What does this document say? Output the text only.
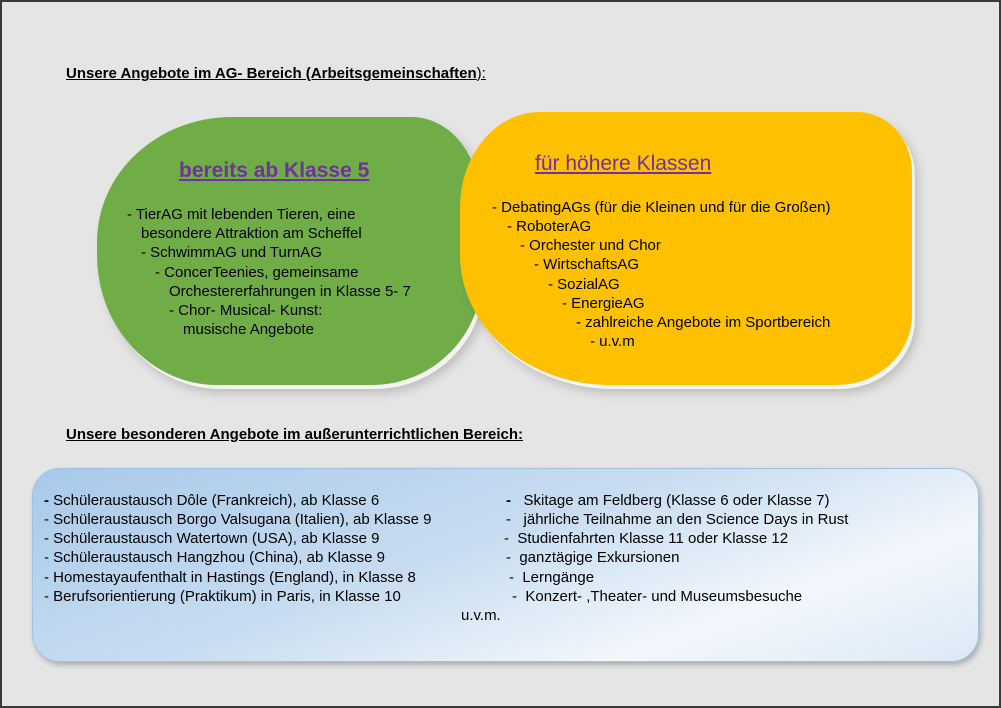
Unsere Angebote im AG- Bereich (Arbeitsgemeinschaften):
bereits ab Klasse 5
- TierAG mit lebenden Tieren, eine
besondere Attraktion am Scheffel
- SchwimmAG und TurnAG
- ConcerTeenies, gemeinsame
Orchestererfahrungen in Klasse 5- 7
- Chor- Musical- Kunst:
musische Angebote
für höhere Klassen
- DebatingAGs (für die Kleinen und für die Großen)
- RoboterAG
- Orchester und Chor
- WirtschaftsAG
- SozialAG
- EnergieAG
- zahlreiche Angebote im Sportbereich
- u.v.m
Unsere besonderen Angebote im außerunterrichtlichen Bereich:
- Schüleraustausch Dôle (Frankreich), ab Klasse 6
- Schüleraustausch Borgo Valsugana (Italien), ab Klasse 9
- Schüleraustausch Watertown (USA), ab Klasse 9
- Schüleraustausch Hangzhou (China), ab Klasse 9
- Homestayaufenthalt in Hastings (England), in Klasse 8
- Berufsorientierung (Praktikum) in Paris, in Klasse 10
- Skitage am Feldberg (Klasse 6 oder Klasse 7)
- jährliche Teilnahme an den Science Days in Rust
- Studienfahrten Klasse 11 oder Klasse 12
- ganztägige Exkursionen
- Lerngänge
- Konzert- ,Theater- und Museumsbesuche
u.v.m.
